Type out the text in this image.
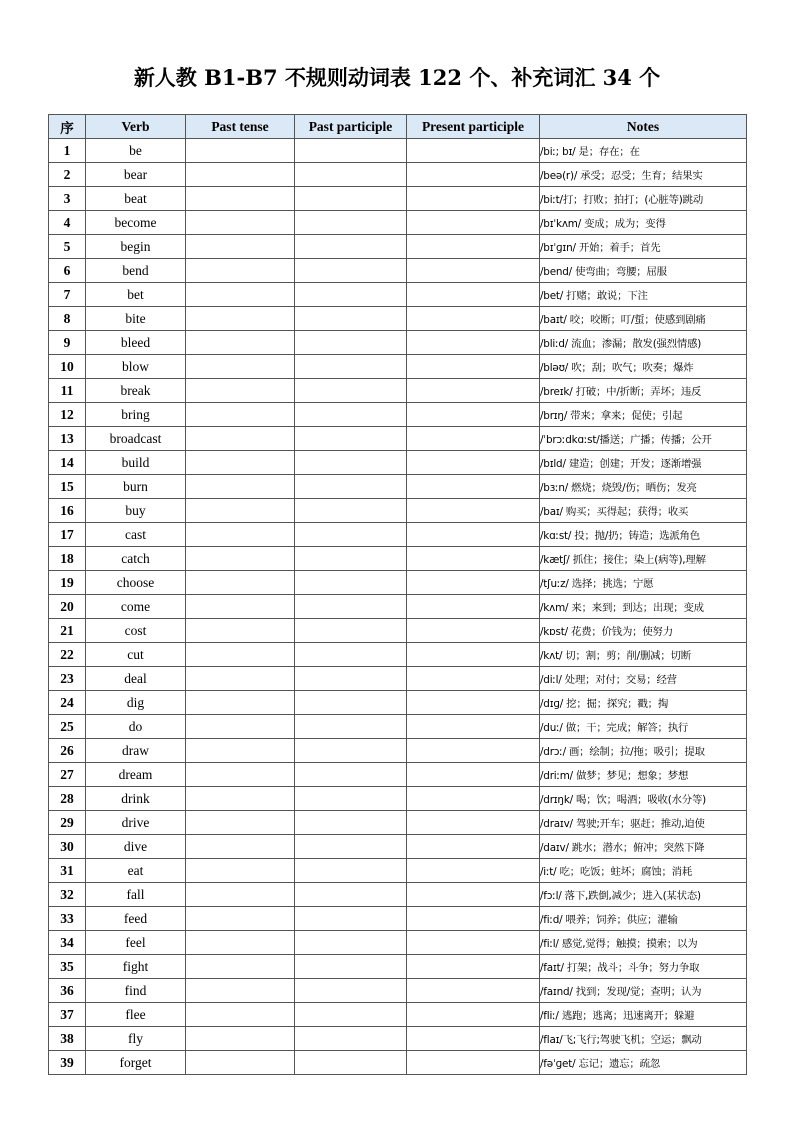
新人教 B1-B7 不规则动词表 122 个、补充词汇 34 个
序	Verb	Past tense	Past participle	Present participle	Notes
1	be				/biː; bɪ/ 是；存在；在
2	bear				/beə(r)/ 承受；忍受；生育；结果实
3	beat				/biːt/打；打败；拍打；(心脏等)跳动
4	become				/bɪˈkʌm/ 变成；成为；变得
5	begin				/bɪˈɡɪn/ 开始；着手；首先
6	bend				/bend/ 使弯曲；弯腰；屈服
7	bet				/bet/ 打赌；敢说；下注
8	bite				/baɪt/ 咬；咬断；叮/蜇；使感到剧痛
9	bleed				/bliːd/ 流血；渗漏；散发(强烈情感)
10	blow				/bləʊ/ 吹；刮；吹气；吹奏；爆炸
11	break				/breɪk/ 打破；中/折断；弄坏；违反
12	bring				/brɪŋ/ 带来；拿来；促使；引起
13	broadcast				/ˈbrɔːdkɑːst/播送；广播；传播；公开
14	build				/bɪld/ 建造；创建；开发；逐渐增强
15	burn				/bɜːn/ 燃烧；烧毁/伤；晒伤；发亮
16	buy				/baɪ/ 购买；买得起；获得；收买
17	cast				/kɑːst/ 投；抛/扔；铸造；选派角色
18	catch				/kætʃ/ 抓住；接住；染上(病等),理解
19	choose				/tʃuːz/ 选择；挑选；宁愿
20	come				/kʌm/ 来；来到；到达；出现；变成
21	cost				/kɒst/ 花费；价钱为；使努力
22	cut				/kʌt/ 切；割；剪；削/删减；切断
23	deal				/diːl/ 处理；对付；交易；经营
24	dig				/dɪɡ/ 挖；掘；探究；戳；掏
25	do				/duː/ 做；干；完成；解答；执行
26	draw				/drɔː/ 画；绘制；拉/拖；吸引；提取
27	dream				/driːm/ 做梦；梦见；想象；梦想
28	drink				/drɪŋk/ 喝；饮；喝酒；吸收(水分等)
29	drive				/draɪv/ 驾驶;开车；驱赶；推动,迫使
30	dive				/daɪv/ 跳水；潜水；俯冲；突然下降
31	eat				/iːt/ 吃；吃饭；蛀坏；腐蚀；消耗
32	fall				/fɔːl/ 落下,跌倒,减少；进入(某状态)
33	feed				/fiːd/ 喂养；饲养；供应；灌输
34	feel				/fiːl/ 感觉,觉得；触摸；摸索；以为
35	fight				/faɪt/ 打架；战斗；斗争；努力争取
36	find				/faɪnd/ 找到；发现/觉；查明；认为
37	flee				/fliː/ 逃跑；逃离；迅速离开；躲避
38	fly				/flaɪ/飞;飞行;驾驶飞机；空运；飘动
39	forget				/fəˈɡet/ 忘记；遗忘；疏忽
